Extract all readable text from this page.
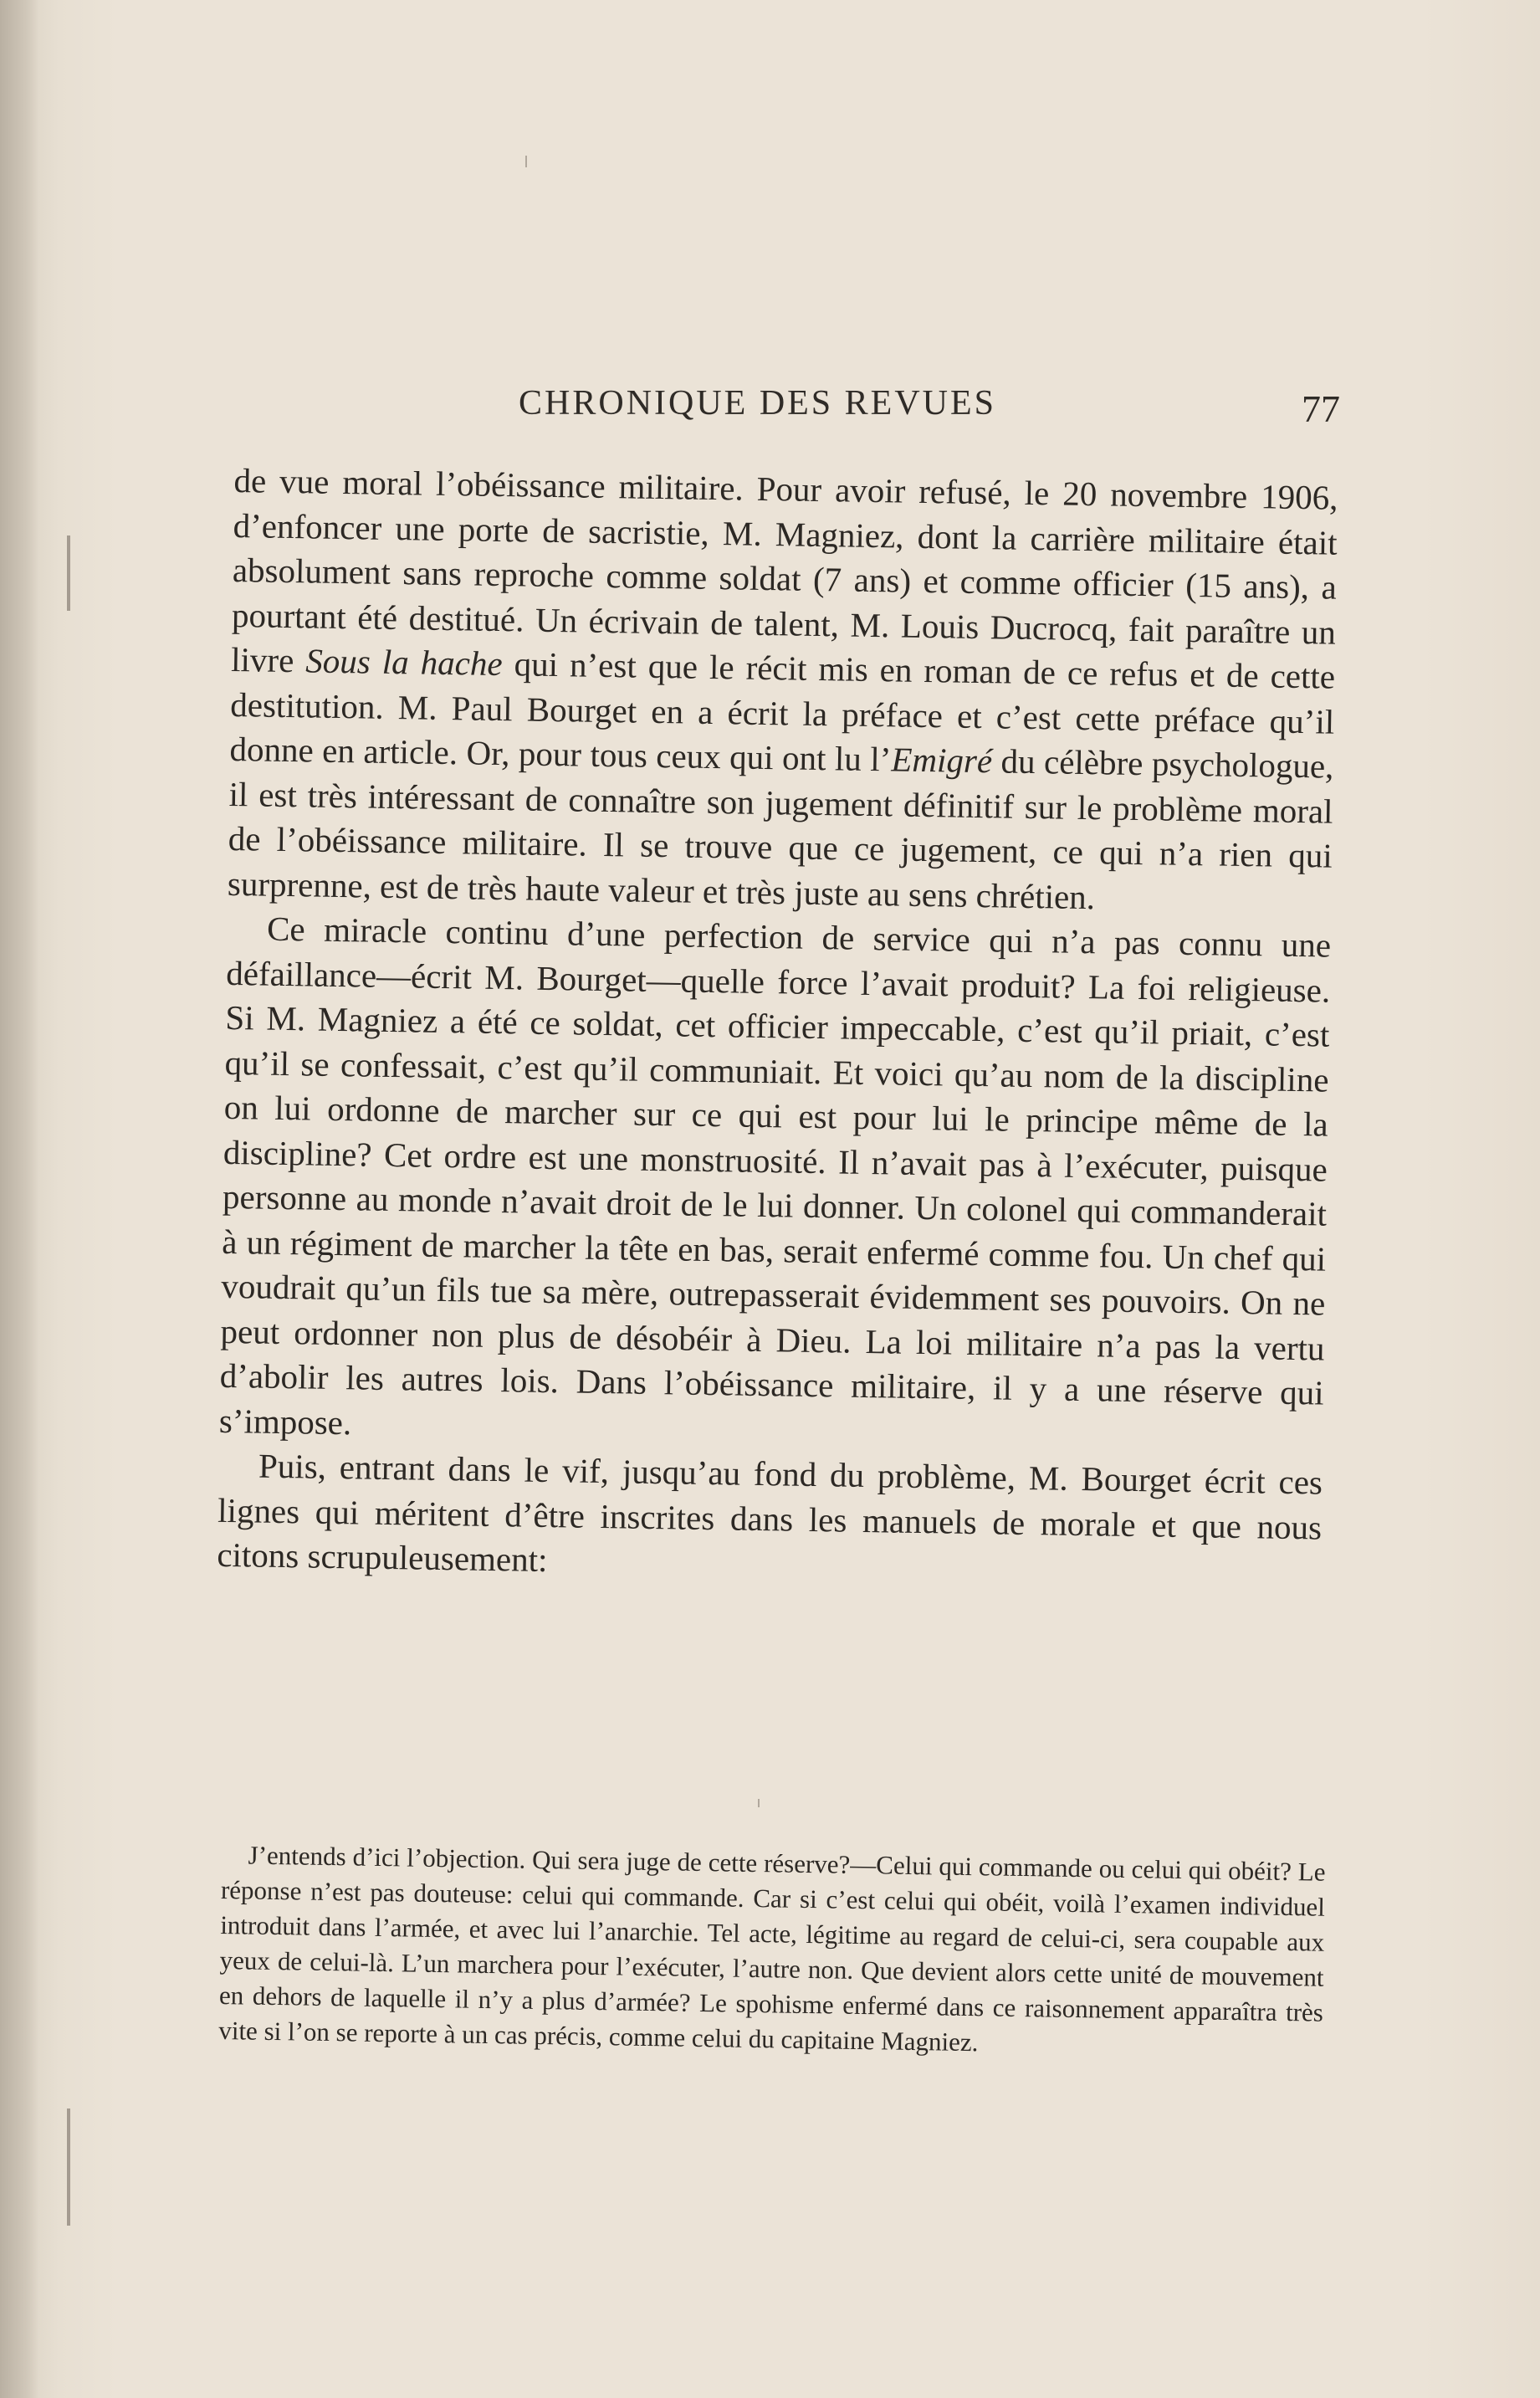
CHRONIQUE DES REVUES	77

de vue moral l’obéissance militaire. Pour avoir refusé, le 20 novembre 1906, d’enfoncer une porte de sacristie, M. Magniez, dont la carrière militaire était absolument sans reproche comme soldat (7 ans) et comme officier (15 ans), a pourtant été destitué. Un écrivain de talent, M. Louis Ducrocq, fait paraître un livre Sous la hache qui n’est que le récit mis en roman de ce refus et de cette destitution. M. Paul Bourget en a écrit la préface et c’est cette préface qu’il donne en article. Or, pour tous ceux qui ont lu l’Emigré du célèbre psychologue, il est très intéressant de connaître son jugement définitif sur le problème moral de l’obéissance militaire. Il se trouve que ce jugement, ce qui n’a rien qui surprenne, est de très haute valeur et très juste au sens chrétien.

Ce miracle continu d’une perfection de service qui n’a pas connu une défaillance—écrit M. Bourget—quelle force l’avait produit? La foi religieuse. Si M. Magniez a été ce soldat, cet officier impeccable, c’est qu’il priait, c’est qu’il se confessait, c’est qu’il communiait. Et voici qu’au nom de la discipline on lui ordonne de marcher sur ce qui est pour lui le principe même de la discipline? Cet ordre est une monstruosité. Il n’avait pas à l’exécuter, puisque personne au monde n’avait droit de le lui donner. Un colonel qui commanderait à un régiment de marcher la tête en bas, serait enfermé comme fou. Un chef qui voudrait qu’un fils tue sa mère, outrepasserait évidemment ses pouvoirs. On ne peut ordonner non plus de désobéir à Dieu. La loi militaire n’a pas la vertu d’abolir les autres lois. Dans l’obéissance militaire, il y a une réserve qui s’impose.

Puis, entrant dans le vif, jusqu’au fond du problème, M. Bourget écrit ces lignes qui méritent d’être inscrites dans les manuels de morale et que nous citons scrupuleusement:

J’entends d’ici l’objection. Qui sera juge de cette réserve?—Celui qui commande ou celui qui obéit? Le réponse n’est pas douteuse: celui qui commande. Car si c’est celui qui obéit, voilà l’examen individuel introduit dans l’armée, et avec lui l’anarchie. Tel acte, légitime au regard de celui-ci, sera coupable aux yeux de celui-là. L’un marchera pour l’exécuter, l’autre non. Que devient alors cette unité de mouvement en dehors de laquelle il n’y a plus d’armée? Le spohisme enfermé dans ce raisonnement apparaîtra très vite si l’on se reporte à un cas précis, comme celui du capitaine Magniez.
